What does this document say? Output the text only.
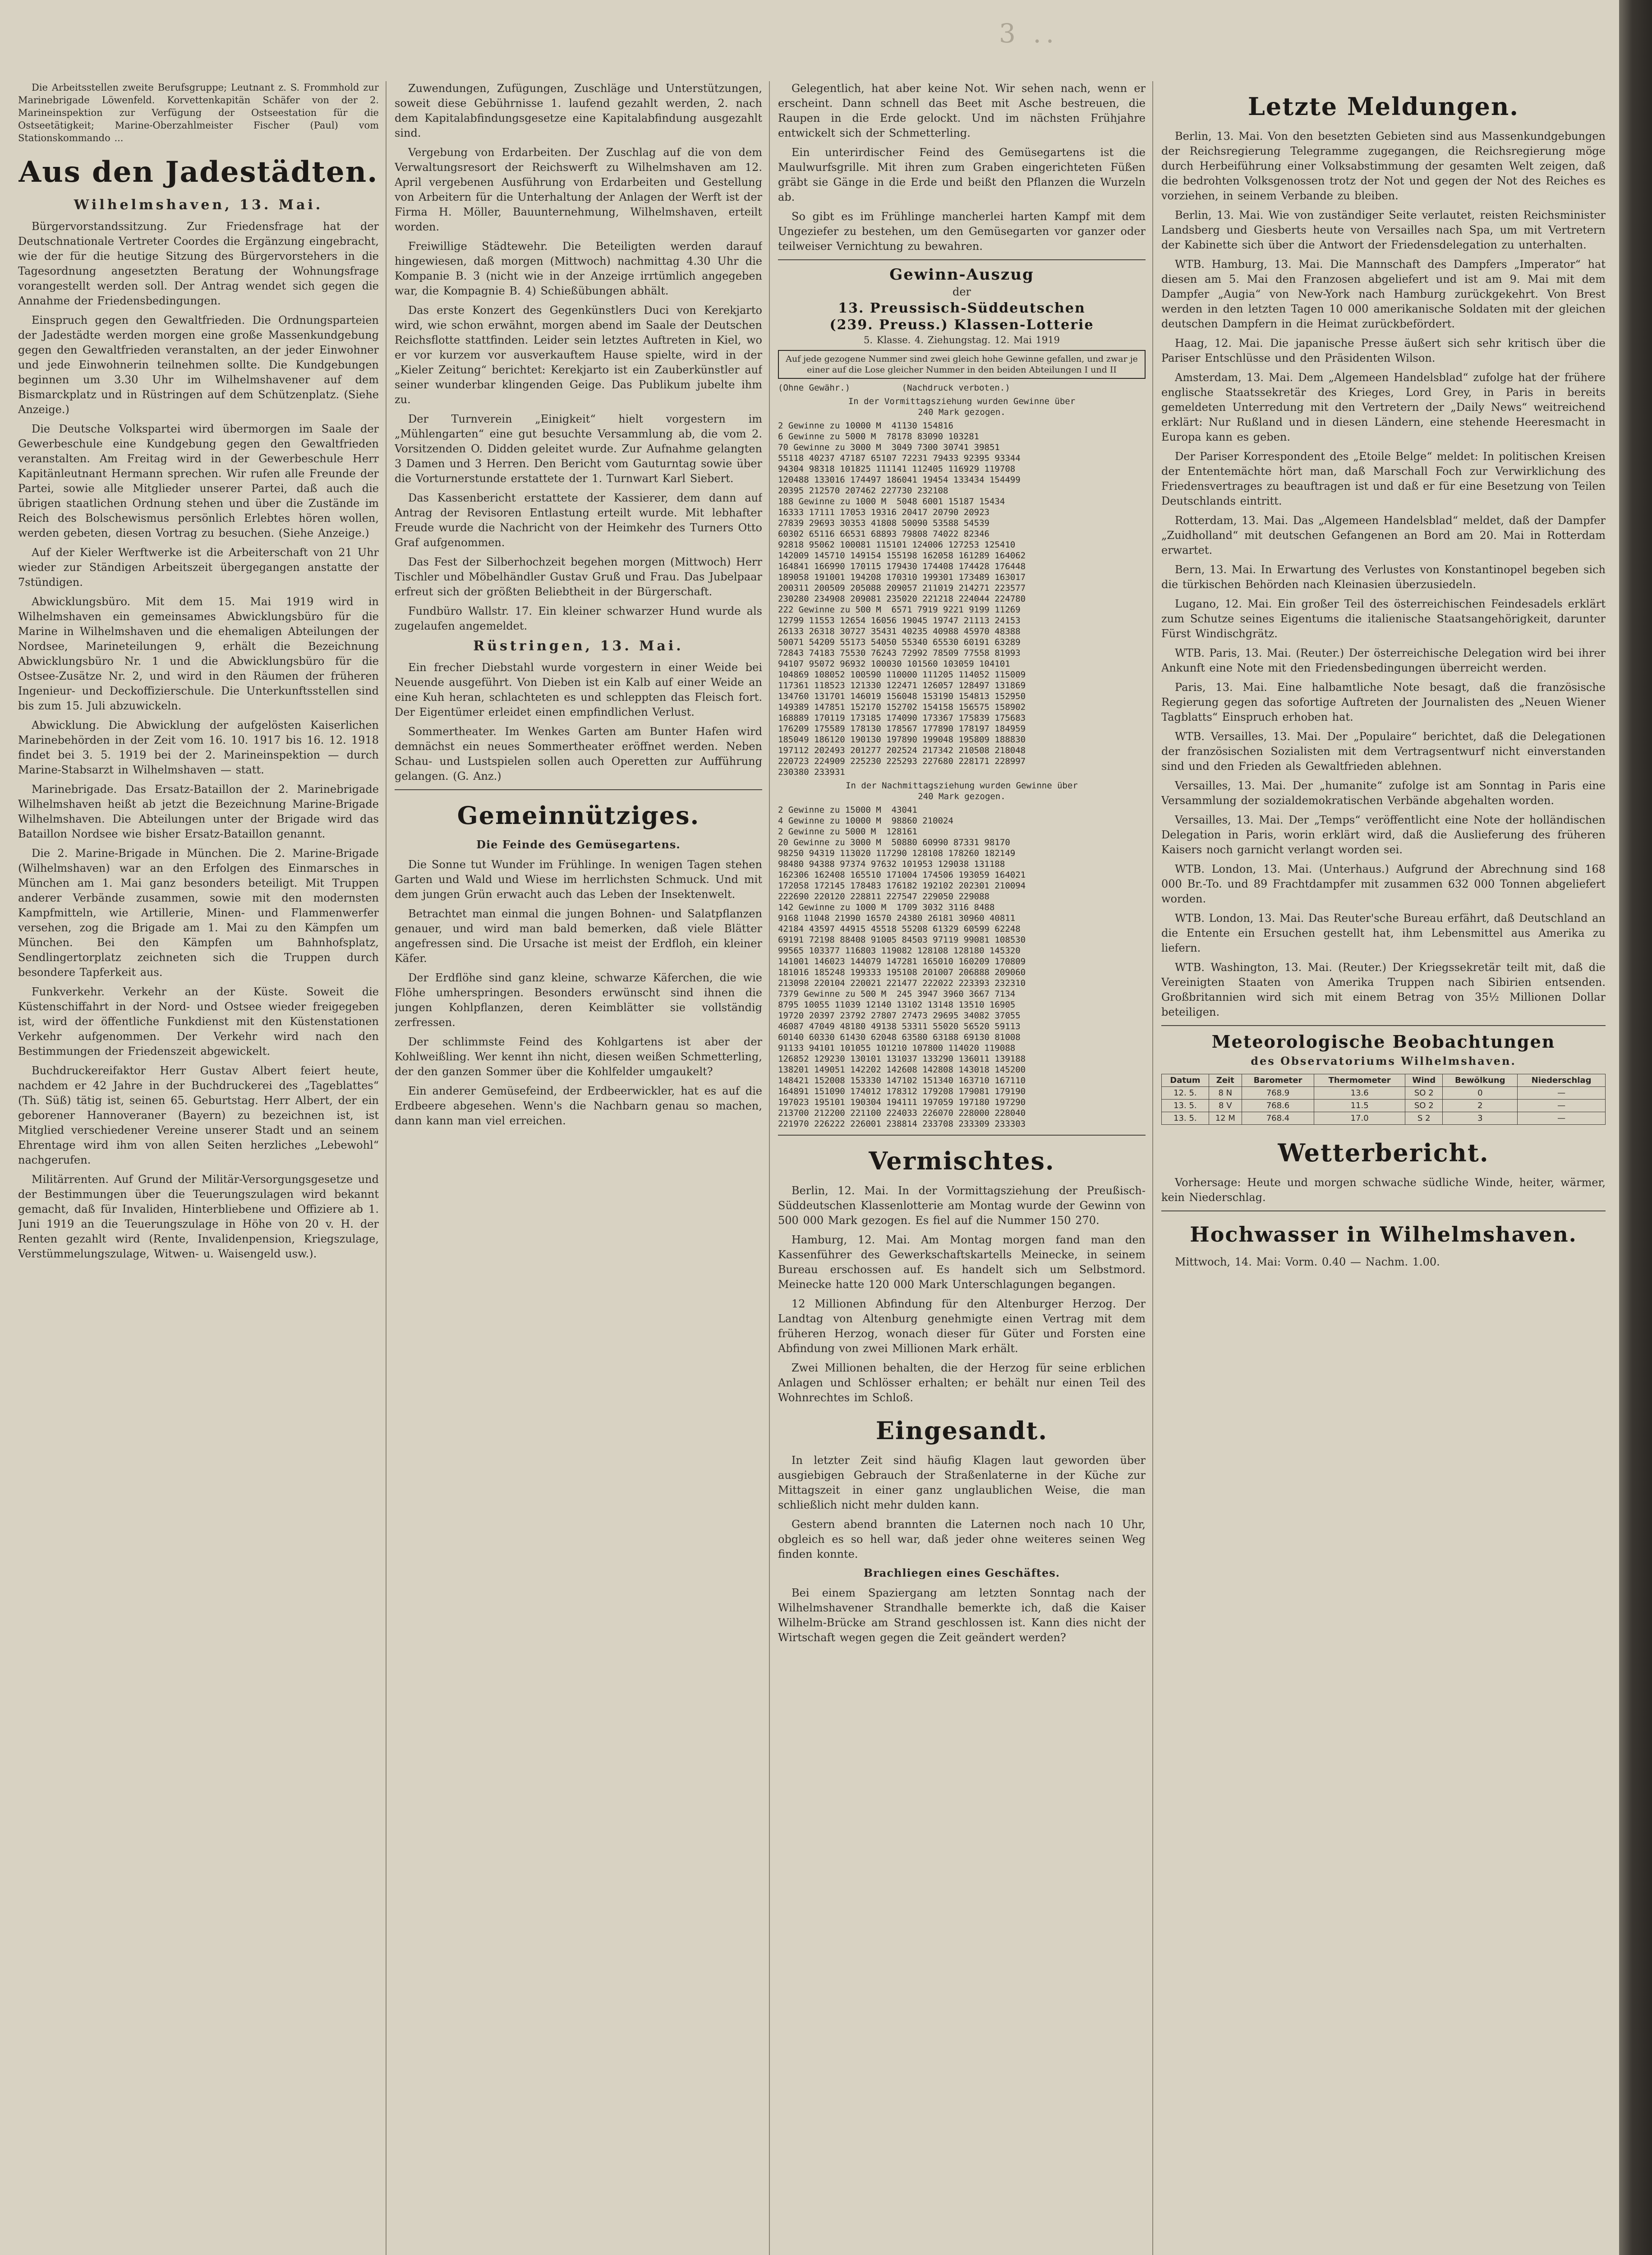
3 ..

Die Arbeitsstellen zweite Berufsgruppe; Leutnant z. S. Frommhold zur Marinebrigade Löwenfeld. Korvettenkapitän Schäfer von der 2. Marineinspektion zur Verfügung der Ostseestation für die Ostseetätigkeit; Marine-Oberzahlmeister Fischer (Paul) vom Stationskommando ...

Aus den Jadestädten.
Wilhelmshaven, 13. Mai.

Bürgervorstandssitzung. Zur Friedensfrage hat der Deutschnationale Vertreter Coordes die Ergänzung eingebracht, wie der für die heutige Sitzung des Bürgervorstehers in die Tagesordnung angesetzten Beratung der Wohnungsfrage vorangestellt werden soll. Der Antrag wendet sich gegen die Annahme der Friedensbedingungen.

Einspruch gegen den Gewaltfrieden. Die Ordnungsparteien der Jadestädte werden morgen eine große Massenkundgebung gegen den Gewaltfrieden veranstalten, an der jeder Einwohner und jede Einwohnerin teilnehmen sollte. Die Kundgebungen beginnen um 3.30 Uhr im Wilhelmshavener auf dem Bismarckplatz und in Rüstringen auf dem Schützenplatz. (Siehe Anzeige.)

Die Deutsche Volkspartei wird übermorgen im Saale der Gewerbeschule eine Kundgebung gegen den Gewaltfrieden veranstalten. Am Freitag wird in der Gewerbeschule Herr Kapitänleutnant Hermann sprechen. Wir rufen alle Freunde der Partei, sowie alle Mitglieder unserer Partei, daß auch die übrigen staatlichen Ordnung stehen und über die Zustände im Reich des Bolschewismus persönlich Erlebtes hören wollen, werden gebeten, diesen Vortrag zu besuchen. (Siehe Anzeige.)

Auf der Kieler Werftwerke ist die Arbeiterschaft von 21 Uhr wieder zur Ständigen Arbeitszeit übergegangen anstatte der 7stündigen.

Abwicklungsbüro. Mit dem 15. Mai 1919 wird in Wilhelmshaven ein gemeinsames Abwicklungsbüro für die Marine in Wilhelmshaven und die ehemaligen Abteilungen der Nordsee, Marineteilungen 9, erhält die Bezeichnung Abwicklungsbüro Nr. 1 und die Abwicklungsbüro für die Ostsee-Zusätze Nr. 2, und wird in den Räumen der früheren Ingenieur- und Deckoffizierschule. Die Unterkunftsstellen sind bis zum 15. Juli abzuwickeln.

Abwicklung. Die Abwicklung der aufgelösten Kaiserlichen Marinebehörden in der Zeit vom 16. 10. 1917 bis 16. 12. 1918 findet bei 3. 5. 1919 bei der 2. Marineinspektion — durch Marine-Stabsarzt in Wilhelmshaven — statt.

Marinebrigade. Das Ersatz-Bataillon der 2. Marinebrigade Wilhelmshaven heißt ab jetzt die Bezeichnung Marine-Brigade Wilhelmshaven. Die Abteilungen unter der Brigade wird das Bataillon Nordsee wie bisher Ersatz-Bataillon genannt.

Die 2. Marine-Brigade in München. Die 2. Marine-Brigade (Wilhelmshaven) war an den Erfolgen des Einmarsches in München am 1. Mai ganz besonders beteiligt. Mit Truppen anderer Verbände zusammen, sowie mit den modernsten Kampfmitteln, wie Artillerie, Minen- und Flammenwerfer versehen, zog die Brigade am 1. Mai zu den Kämpfen um München. Bei den Kämpfen um Bahnhofsplatz, Sendlingertorplatz zeichneten sich die Truppen durch besondere Tapferkeit aus.

Funkverkehr. Verkehr an der Küste. Soweit die Küstenschiffahrt in der Nord- und Ostsee wieder freigegeben ist, wird der öffentliche Funkdienst mit den Küstenstationen Verkehr aufgenommen. Der Verkehr wird nach den Bestimmungen der Friedenszeit abgewickelt.

Buchdruckereifaktor Herr Gustav Albert feiert heute, nachdem er 42 Jahre in der Buchdruckerei des „Tageblattes“ (Th. Süß) tätig ist, seinen 65. Geburtstag. Herr Albert, der ein geborener Hannoveraner (Bayern) zu bezeichnen ist, ist Mitglied verschiedener Vereine unserer Stadt und an seinem Ehrentage wird ihm von allen Seiten herzliches „Lebewohl“ nachgerufen.

Militärrenten. Auf Grund der Militär-Versorgungsgesetze und der Bestimmungen über die Teuerungszulagen wird bekannt gemacht, daß für Invaliden, Hinterbliebene und Offiziere ab 1. Juni 1919 an die Teuerungszulage in Höhe von 20 v. H. der Renten gezahlt wird (Rente, Invalidenpension, Kriegszulage, Verstümmelungszulage, Witwen- u. Waisengeld usw.).

Zuwendungen, Zufügungen, Zuschläge und Unterstützungen, soweit diese Gebührnisse 1. laufend gezahlt werden, 2. nach dem Kapitalabfindungsgesetze eine Kapitalabfindung ausgezahlt sind.

Vergebung von Erdarbeiten. Der Zuschlag auf die von dem Verwaltungsresort der Reichswerft zu Wilhelmshaven am 12. April vergebenen Ausführung von Erdarbeiten und Gestellung von Arbeitern für die Unterhaltung der Anlagen der Werft ist der Firma H. Möller, Bauunternehmung, Wilhelmshaven, erteilt worden.

Freiwillige Städtewehr. Die Beteiligten werden darauf hingewiesen, daß morgen (Mittwoch) nachmittag 4.30 Uhr die Kompanie B. 3 (nicht wie in der Anzeige irrtümlich angegeben war, die Kompagnie B. 4) Schießübungen abhält.

Das erste Konzert des Gegenkünstlers Duci von Kerekjarto wird, wie schon erwähnt, morgen abend im Saale der Deutschen Reichsflotte stattfinden. Leider sein letztes Auftreten in Kiel, wo er vor kurzem vor ausverkauftem Hause spielte, wird in der „Kieler Zeitung“ berichtet: Kerekjarto ist ein Zauberkünstler auf seiner wunderbar klingenden Geige. Das Publikum jubelte ihm zu.

Der Turnverein „Einigkeit“ hielt vorgestern im „Mühlengarten“ eine gut besuchte Versammlung ab, die vom 2. Vorsitzenden O. Didden geleitet wurde. Zur Aufnahme gelangten 3 Damen und 3 Herren. Den Bericht vom Gauturntag sowie über die Vorturnerstunde erstattete der 1. Turnwart Karl Siebert.

Das Kassenbericht erstattete der Kassierer, dem dann auf Antrag der Revisoren Entlastung erteilt wurde. Mit lebhafter Freude wurde die Nachricht von der Heimkehr des Turners Otto Graf aufgenommen.

Das Fest der Silberhochzeit begehen morgen (Mittwoch) Herr Tischler und Möbelhändler Gustav Gruß und Frau. Das Jubelpaar erfreut sich der größten Beliebtheit in der Bürgerschaft.

Fundbüro Wallstr. 17. Ein kleiner schwarzer Hund wurde als zugelaufen angemeldet.

Rüstringen, 13. Mai.

Ein frecher Diebstahl wurde vorgestern in einer Weide bei Neuende ausgeführt. Von Dieben ist ein Kalb auf einer Weide an eine Kuh heran, schlachteten es und schleppten das Fleisch fort. Der Eigentümer erleidet einen empfindlichen Verlust.

Sommertheater. Im Wenkes Garten am Bunter Hafen wird demnächst ein neues Sommertheater eröffnet werden. Neben Schau- und Lustspielen sollen auch Operetten zur Aufführung gelangen. (G. Anz.)

Gemeinnütziges.
Die Feinde des Gemüsegartens.

Die Sonne tut Wunder im Frühlinge. In wenigen Tagen stehen Garten und Wald und Wiese im herrlichsten Schmuck. Und mit dem jungen Grün erwacht auch das Leben der Insektenwelt.

Betrachtet man einmal die jungen Bohnen- und Salatpflanzen genauer, und wird man bald bemerken, daß viele Blätter angefressen sind. Die Ursache ist meist der Erdfloh, ein kleiner Käfer.

Der Erdflöhe sind ganz kleine, schwarze Käferchen, die wie Flöhe umherspringen. Besonders erwünscht sind ihnen die jungen Kohlpflanzen, deren Keimblätter sie vollständig zerfressen.

Der schlimmste Feind des Kohlgartens ist aber der Kohlweißling. Wer kennt ihn nicht, diesen weißen Schmetterling, der den ganzen Sommer über die Kohlfelder umgaukelt?

Ein anderer Gemüsefeind, der Erdbeerwickler, hat es auf die Erdbeere abgesehen. Wenn's die Nachbarn genau so machen, dann kann man viel erreichen.

Gelegentlich, hat aber keine Not. Wir sehen nach, wenn er erscheint. Dann schnell das Beet mit Asche bestreuen, die Raupen in die Erde gelockt. Und im nächsten Frühjahre entwickelt sich der Schmetterling.

Ein unterirdischer Feind des Gemüsegartens ist die Maulwurfsgrille. Mit ihren zum Graben eingerichteten Füßen gräbt sie Gänge in die Erde und beißt den Pflanzen die Wurzeln ab.

So gibt es im Frühlinge mancherlei harten Kampf mit dem Ungeziefer zu bestehen, um den Gemüsegarten vor ganzer oder teilweiser Vernichtung zu bewahren.

Gewinn-Auszug
der
13. Preussisch-Süddeutschen
(239. Preuss.) Klassen-Lotterie
5. Klasse. 4. Ziehungstag. 12. Mai 1919
Auf jede gezogene Nummer sind zwei gleich hohe Gewinne gefallen, und zwar je einer auf die Lose gleicher Nummer in den beiden Abteilungen I und II
(Ohne Gewähr.)          (Nachdruck verboten.)
In der Vormittagsziehung wurden Gewinne über
240 Mark gezogen.
2 Gewinne zu 10000 M  41130 154816
6 Gewinne zu 5000 M  78178 83090 103281
70 Gewinne zu 3000 M  3049 7300 30741 39851
55118 40237 47187 65107 72231 79433 92395 93344
94304 98318 101825 111141 112405 116929 119708
120488 133016 174497 186041 19454 133434 154499
20395 212570 207462 227730 232108
188 Gewinne zu 1000 M  5048 6001 15187 15434
16333 17111 17053 19316 20417 20790 20923
27839 29693 30353 41808 50090 53588 54539
60302 65116 66531 68893 79808 74022 82346
92818 95062 100081 115101 124006 127253 125410
142009 145710 149154 155198 162058 161289 164062
164841 166990 170115 179430 174408 174428 176448
189058 191001 194208 170310 199301 173489 163017
200311 200509 205088 209057 211019 214271 223577
230280 234908 209081 235020 221218 224044 224780
222 Gewinne zu 500 M  6571 7919 9221 9199 11269
12799 11553 12654 16056 19045 19747 21113 24153
26133 26318 30727 35431 40235 40988 45970 48388
50071 54209 55173 54050 55340 65530 60191 63289
72843 74183 75530 76243 72992 78509 77558 81993
94107 95072 96932 100030 101560 103059 104101
104869 108052 100590 110000 111205 114052 115009
117361 118523 121330 122471 126057 128497 131869
134760 131701 146019 156048 153190 154813 152950
149389 147851 152170 152702 154158 156575 158902
168889 170119 173185 174090 173367 175839 175683
176209 175589 178130 178567 177890 178197 184959
185049 186120 190130 197890 199048 195809 188830
197112 202493 201277 202524 217342 210508 218048
220723 224909 225230 225293 227680 228171 228997
230380 233931
In der Nachmittagsziehung wurden Gewinne über
240 Mark gezogen.
2 Gewinne zu 15000 M  43041
4 Gewinne zu 10000 M  98860 210024
2 Gewinne zu 5000 M  128161
20 Gewinne zu 3000 M  50880 60990 87331 98170
98250 94319 113020 117290 128108 178260 182149
98480 94388 97374 97632 101953 129038 131188
162306 162408 165510 171004 174506 193059 164021
172058 172145 178483 176182 192102 202301 210094
222690 220120 228811 227547 229050 229088
142 Gewinne zu 1000 M  1709 3032 3116 8488
9168 11048 21990 16570 24380 26181 30960 40811
42184 43597 44915 45518 55208 61329 60599 62248
69191 72198 88408 91005 84503 97119 99081 108530
99565 103377 116803 119082 128108 128180 145320
141001 146023 144079 147281 165010 160209 170809
181016 185248 199333 195108 201007 206888 209060
213098 220104 220021 221477 222022 223393 232310
7379 Gewinne zu 500 M  245 3947 3960 3667 7134
8795 10055 11039 12140 13102 13148 13510 16905
19720 20397 23792 27807 27473 29695 34082 37055
46087 47049 48180 49138 53311 55020 56520 59113
60140 60330 61430 62048 63580 63188 69130 81008
91133 94101 101055 101210 107800 114020 119088
126852 129230 130101 131037 133290 136011 139188
138201 149051 142202 142608 142808 143018 145200
148421 152008 153330 147102 151340 163710 167110
164891 151090 174012 178312 179208 179081 179190
197023 195101 190304 194111 197059 197180 197290
213700 212200 221100 224033 226070 228000 228040
221970 226222 226001 238814 233708 233309 233303
Vermischtes.

Berlin, 12. Mai. In der Vormittagsziehung der Preußisch-Süddeutschen Klassenlotterie am Montag wurde der Gewinn von 500 000 Mark gezogen. Es fiel auf die Nummer 150 270.

Hamburg, 12. Mai. Am Montag morgen fand man den Kassenführer des Gewerkschaftskartells Meinecke, in seinem Bureau erschossen auf. Es handelt sich um Selbstmord. Meinecke hatte 120 000 Mark Unterschlagungen begangen.

12 Millionen Abfindung für den Altenburger Herzog. Der Landtag von Altenburg genehmigte einen Vertrag mit dem früheren Herzog, wonach dieser für Güter und Forsten eine Abfindung von zwei Millionen Mark erhält.

Zwei Millionen behalten, die der Herzog für seine erblichen Anlagen und Schlösser erhalten; er behält nur einen Teil des Wohnrechtes im Schloß.

Eingesandt.

In letzter Zeit sind häufig Klagen laut geworden über ausgiebigen Gebrauch der Straßenlaterne in der Küche zur Mittagszeit in einer ganz unglaublichen Weise, die man schließlich nicht mehr dulden kann.

Gestern abend brannten die Laternen noch nach 10 Uhr, obgleich es so hell war, daß jeder ohne weiteres seinen Weg finden konnte.

Brachliegen eines Geschäftes.

Bei einem Spaziergang am letzten Sonntag nach der Wilhelmshavener Strandhalle bemerkte ich, daß die Kaiser Wilhelm-Brücke am Strand geschlossen ist. Kann dies nicht der Wirtschaft wegen gegen die Zeit geändert werden?

Letzte Meldungen.

Berlin, 13. Mai. Von den besetzten Gebieten sind aus Massenkundgebungen der Reichsregierung Telegramme zugegangen, die Reichsregierung möge durch Herbeiführung einer Volksabstimmung der gesamten Welt zeigen, daß die bedrohten Volksgenossen trotz der Not und gegen der Not des Reiches es vorziehen, in seinem Verbande zu bleiben.

Berlin, 13. Mai. Wie von zuständiger Seite verlautet, reisten Reichsminister Landsberg und Giesberts heute von Versailles nach Spa, um mit Vertretern der Kabinette sich über die Antwort der Friedensdelegation zu unterhalten.

WTB. Hamburg, 13. Mai. Die Mannschaft des Dampfers „Imperator“ hat diesen am 5. Mai den Franzosen abgeliefert und ist am 9. Mai mit dem Dampfer „Augia“ von New-York nach Hamburg zurückgekehrt. Von Brest werden in den letzten Tagen 10 000 amerikanische Soldaten mit der gleichen deutschen Dampfern in die Heimat zurückbefördert.

Haag, 12. Mai. Die japanische Presse äußert sich sehr kritisch über die Pariser Entschlüsse und den Präsidenten Wilson.

Amsterdam, 13. Mai. Dem „Algemeen Handelsblad“ zufolge hat der frühere englische Staatssekretär des Krieges, Lord Grey, in Paris in bereits gemeldeten Unterredung mit den Vertretern der „Daily News“ weitreichend erklärt: Nur Rußland und in diesen Ländern, eine stehende Heeresmacht in Europa kann es geben.

Der Pariser Korrespondent des „Etoile Belge“ meldet: In politischen Kreisen der Ententemächte hört man, daß Marschall Foch zur Verwirklichung des Friedensvertrages zu beauftragen ist und daß er für eine Besetzung von Teilen Deutschlands eintritt.

Rotterdam, 13. Mai. Das „Algemeen Handelsblad“ meldet, daß der Dampfer „Zuidholland“ mit deutschen Gefangenen an Bord am 20. Mai in Rotterdam erwartet.

Bern, 13. Mai. In Erwartung des Verlustes von Konstantinopel begeben sich die türkischen Behörden nach Kleinasien überzusiedeln.

Lugano, 12. Mai. Ein großer Teil des österreichischen Feindesadels erklärt zum Schutze seines Eigentums die italienische Staatsangehörigkeit, darunter Fürst Windischgrätz.

WTB. Paris, 13. Mai. (Reuter.) Der österreichische Delegation wird bei ihrer Ankunft eine Note mit den Friedensbedingungen überreicht werden.

Paris, 13. Mai. Eine halbamtliche Note besagt, daß die französische Regierung gegen das sofortige Auftreten der Journalisten des „Neuen Wiener Tagblatts“ Einspruch erhoben hat.

WTB. Versailles, 13. Mai. Der „Populaire“ berichtet, daß die Delegationen der französischen Sozialisten mit dem Vertragsentwurf nicht einverstanden sind und den Frieden als Gewaltfrieden ablehnen.

Versailles, 13. Mai. Der „humanite“ zufolge ist am Sonntag in Paris eine Versammlung der sozialdemokratischen Verbände abgehalten worden.

Versailles, 13. Mai. Der „Temps“ veröffentlicht eine Note der holländischen Delegation in Paris, worin erklärt wird, daß die Auslieferung des früheren Kaisers noch garnicht verlangt worden sei.

WTB. London, 13. Mai. (Unterhaus.) Aufgrund der Abrechnung sind 168 000 Br.-To. und 89 Frachtdampfer mit zusammen 632 000 Tonnen abgeliefert worden.

WTB. London, 13. Mai. Das Reuter'sche Bureau erfährt, daß Deutschland an die Entente ein Ersuchen gestellt hat, ihm Lebensmittel aus Amerika zu liefern.

WTB. Washington, 13. Mai. (Reuter.) Der Kriegssekretär teilt mit, daß die Vereinigten Staaten von Amerika Truppen nach Sibirien entsenden. Großbritannien wird sich mit einem Betrag von 35½ Millionen Dollar beteiligen.

Meteorologische Beobachtungen
des Observatoriums Wilhelmshaven.
Datum	Zeit	Barometer	Thermometer	Wind	Bewölkung	Niederschlag
12. 5.	8 N	768.9	13.6	SO 2	0	—
13. 5.	8 V	768.6	11.5	SO 2	2	—
13. 5.	12 M	768.4	17.0	S 2	3	—
Wetterbericht.

Vorhersage: Heute und morgen schwache südliche Winde, heiter, wärmer, kein Niederschlag.

Hochwasser in Wilhelmshaven.

Mittwoch, 14. Mai: Vorm. 0.40 — Nachm. 1.00.
